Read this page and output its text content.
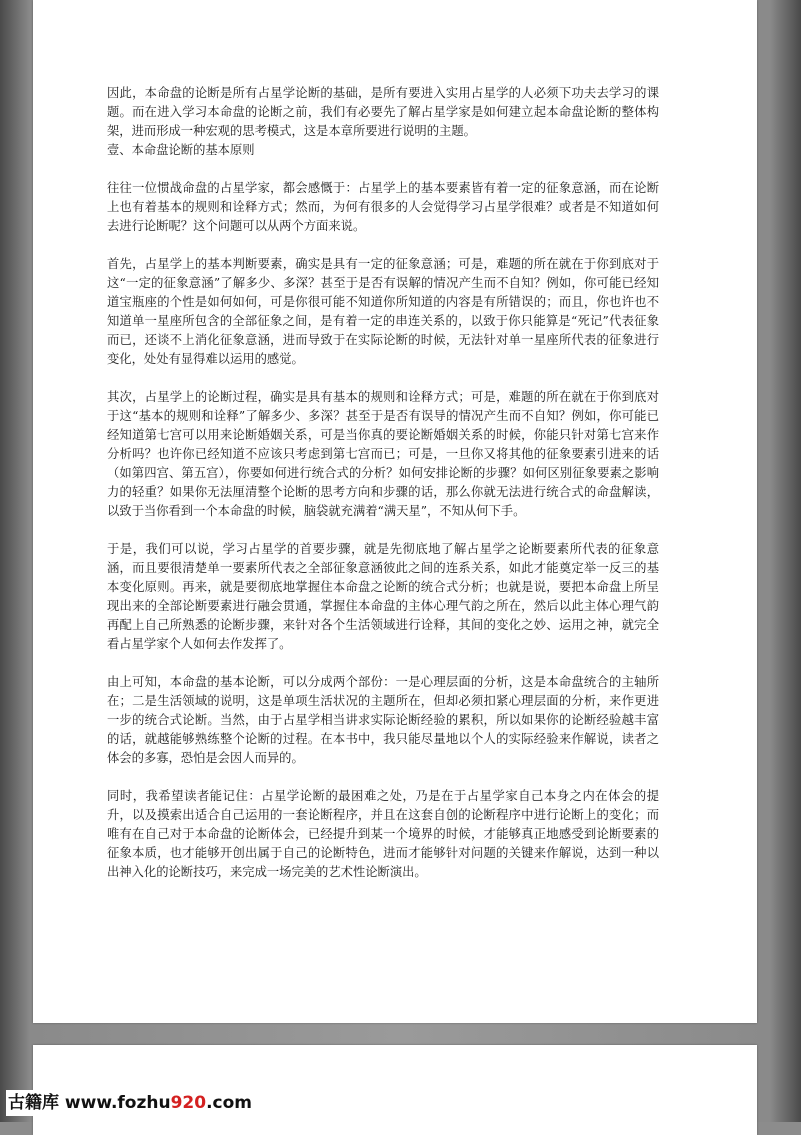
因此，本命盘的论断是所有占星学论断的基础，是所有要进入实用占星学的人必须下功夫去学习的课题。而在进入学习本命盘的论断之前，我们有必要先了解占星学家是如何建立起本命盘论断的整体构架，进而形成一种宏观的思考模式，这是本章所要进行说明的主题。

壹、本命盘论断的基本原则

往往一位惯战命盘的占星学家，都会感慨于：占星学上的基本要素皆有着一定的征象意涵，而在论断上也有着基本的规则和诠释方式；然而，为何有很多的人会觉得学习占星学很难？或者是不知道如何去进行论断呢？这个问题可以从两个方面来说。

首先，占星学上的基本判断要素，确实是具有一定的征象意涵；可是，难题的所在就在于你到底对于这“一定的征象意涵”了解多少、多深？甚至于是否有误解的情况产生而不自知？例如，你可能已经知道宝瓶座的个性是如何如何，可是你很可能不知道你所知道的内容是有所错误的；而且，你也许也不知道单一星座所包含的全部征象之间，是有着一定的串连关系的，以致于你只能算是“死记”代表征象而已，还谈不上消化征象意涵，进而导致于在实际论断的时候，无法针对单一星座所代表的征象进行变化，处处有显得难以运用的感觉。

其次，占星学上的论断过程，确实是具有基本的规则和诠释方式；可是，难题的所在就在于你到底对于这“基本的规则和诠释”了解多少、多深？甚至于是否有误导的情况产生而不自知？例如，你可能已经知道第七宫可以用来论断婚姻关系，可是当你真的要论断婚姻关系的时候，你能只针对第七宫来作分析吗？也许你已经知道不应该只考虑到第七宫而已；可是，一旦你又将其他的征象要素引进来的话（如第四宫、第五宫），你要如何进行统合式的分析？如何安排论断的步骤？如何区别征象要素之影响力的轻重？如果你无法厘清整个论断的思考方向和步骤的话，那么你就无法进行统合式的命盘解读，以致于当你看到一个本命盘的时候，脑袋就充满着“满天星”，不知从何下手。

于是，我们可以说，学习占星学的首要步骤，就是先彻底地了解占星学之论断要素所代表的征象意涵，而且要很清楚单一要素所代表之全部征象意涵彼此之间的连系关系，如此才能奠定举一反三的基本变化原则。再来，就是要彻底地掌握住本命盘之论断的统合式分析；也就是说，要把本命盘上所呈现出来的全部论断要素进行融会贯通，掌握住本命盘的主体心理气韵之所在，然后以此主体心理气韵再配上自己所熟悉的论断步骤，来针对各个生活领域进行诠释，其间的变化之妙、运用之神，就完全看占星学家个人如何去作发挥了。

由上可知，本命盘的基本论断，可以分成两个部份：一是心理层面的分析，这是本命盘统合的主轴所在；二是生活领域的说明，这是单项生活状况的主题所在，但却必须扣紧心理层面的分析，来作更进一步的统合式论断。当然，由于占星学相当讲求实际论断经验的累积，所以如果你的论断经验越丰富的话，就越能够熟练整个论断的过程。在本书中，我只能尽量地以个人的实际经验来作解说，读者之体会的多寡，恐怕是会因人而异的。

同时，我希望读者能记住：占星学论断的最困难之处，乃是在于占星学家自己本身之内在体会的提升，以及摸索出适合自己运用的一套论断程序，并且在这套自创的论断程序中进行论断上的变化；而唯有在自己对于本命盘的论断体会，已经提升到某一个境界的时候，才能够真正地感受到论断要素的征象本质，也才能够开创出属于自己的论断特色，进而才能够针对问题的关键来作解说，达到一种以出神入化的论断技巧，来完成一场完美的艺术性论断演出。

古籍库 www.fozhu920.com
